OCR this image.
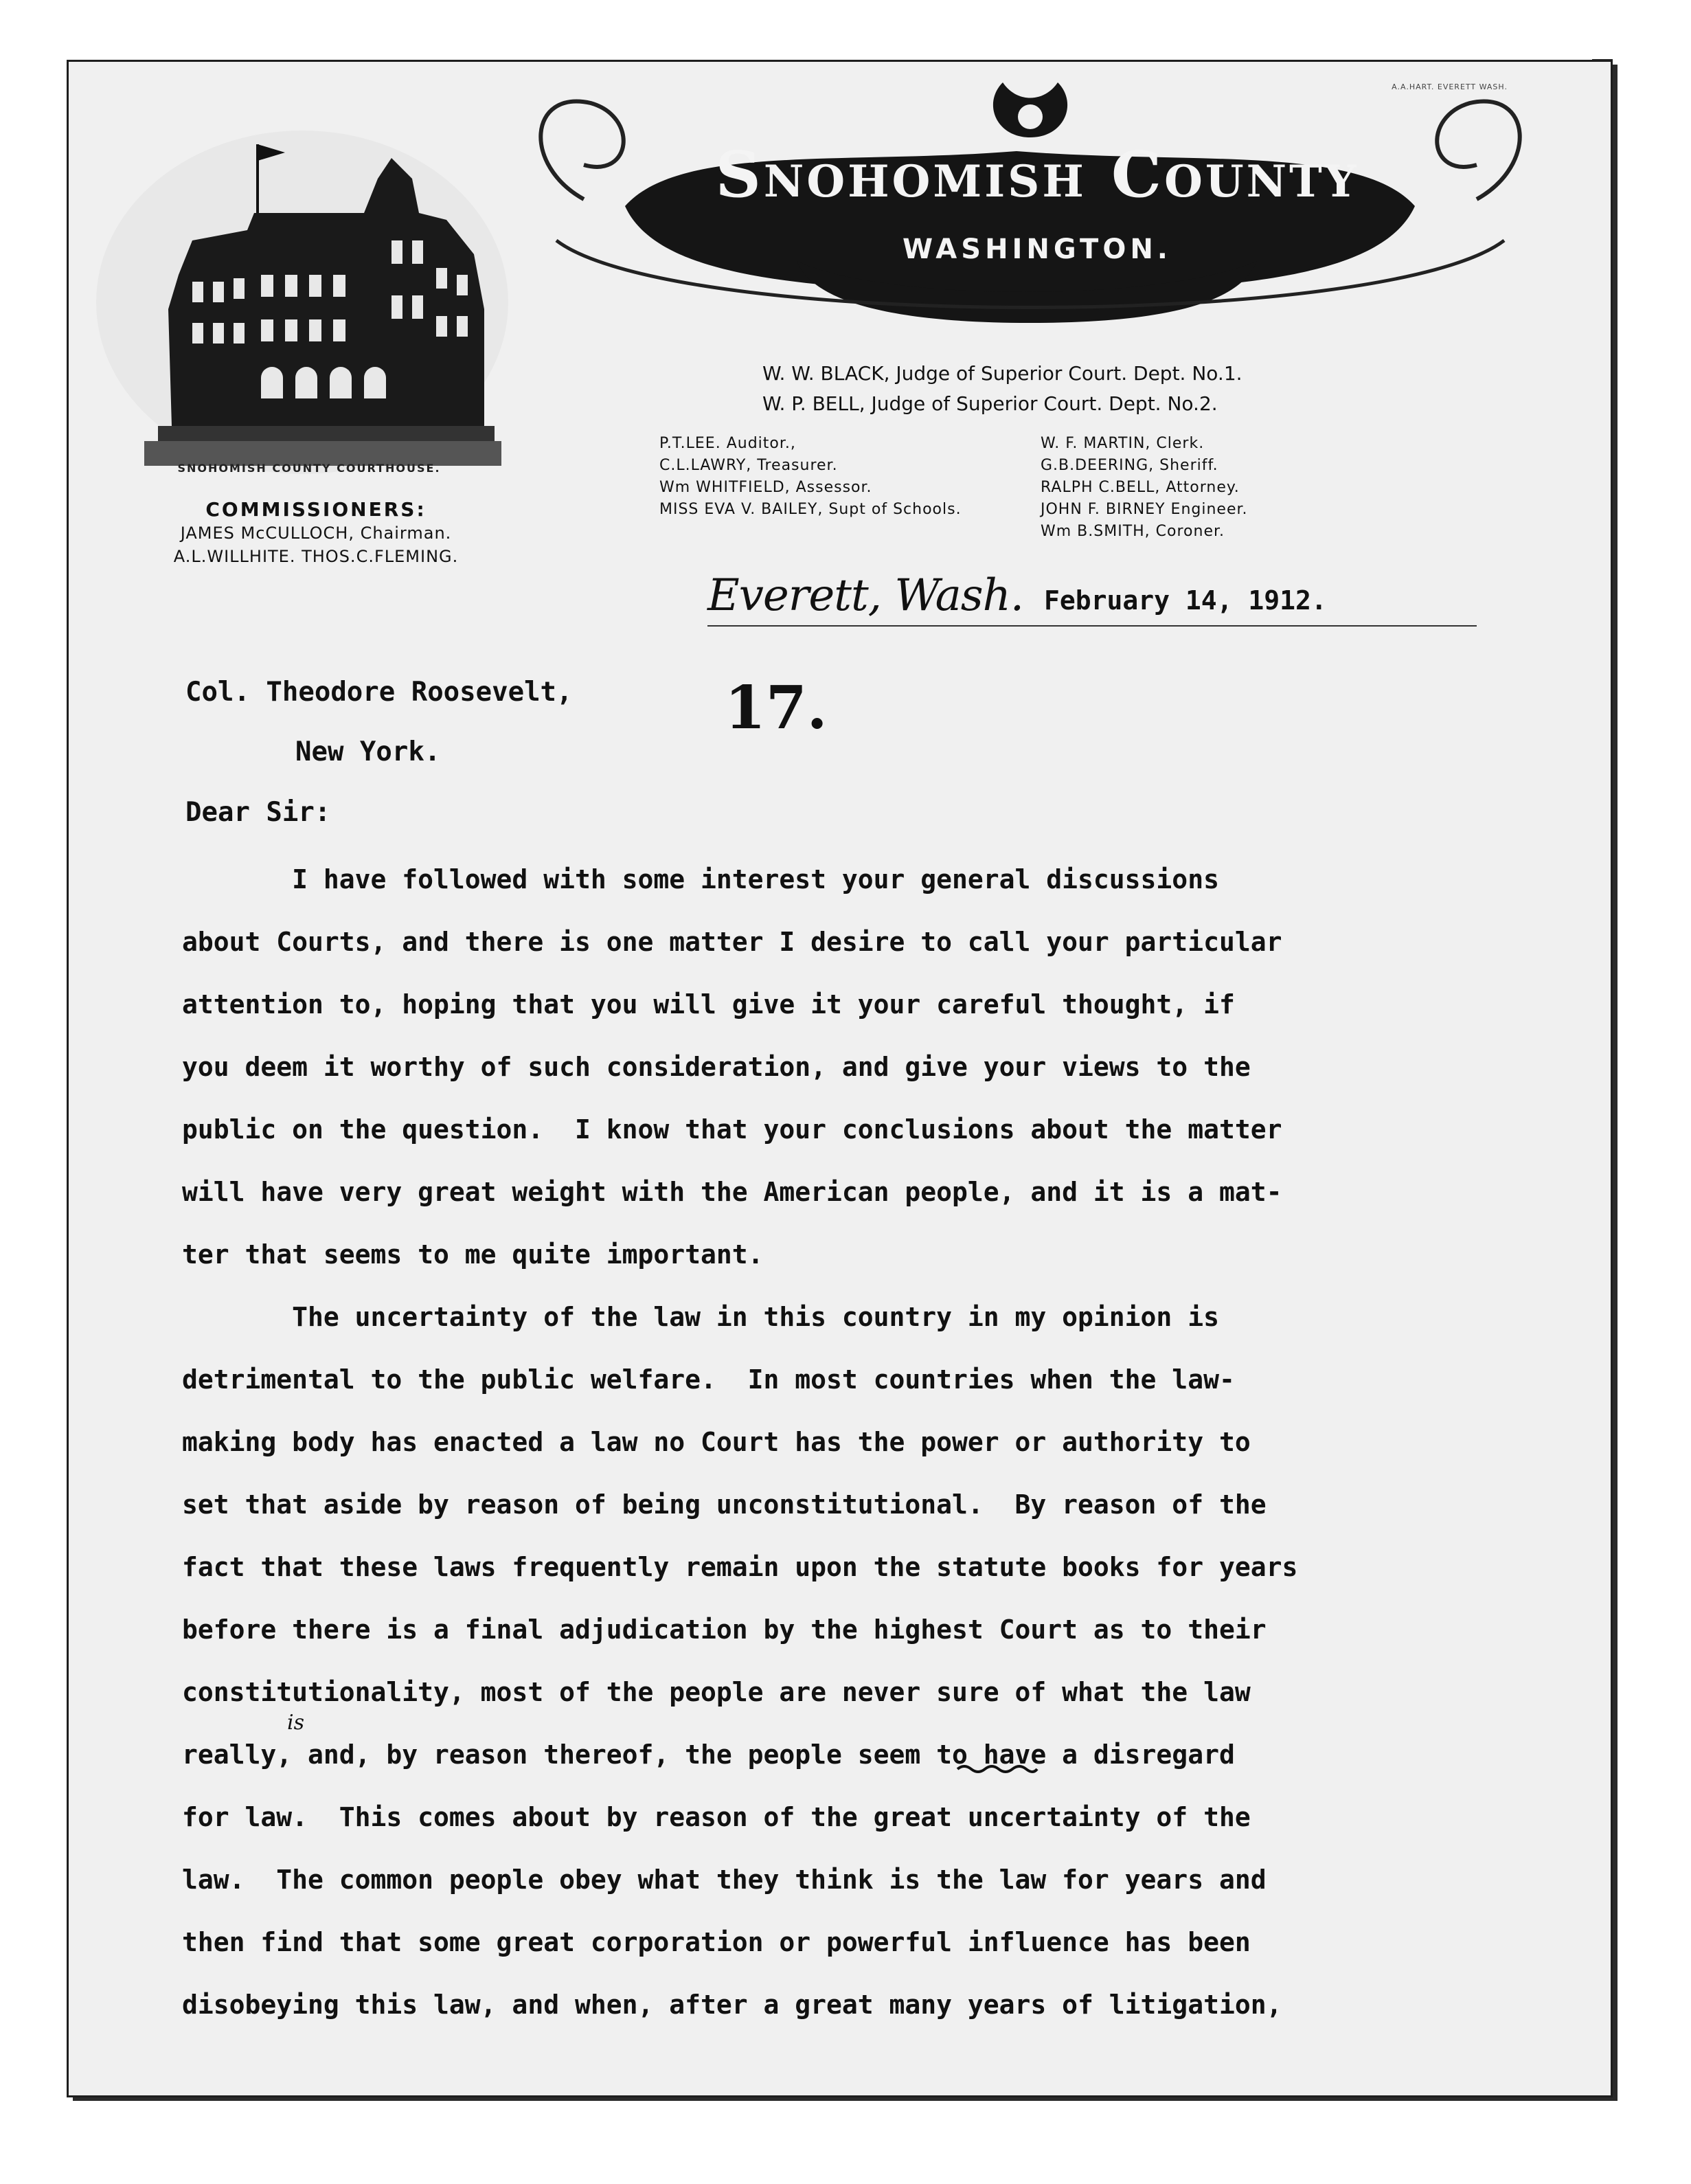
A.A.HART. EVERETT WASH.
SNOHOMISH COUNTY COURTHOUSE.
COMMISSIONERS:
JAMES McCULLOCH, Chairman.
A.L.WILLHITE. THOS.C.FLEMING.
Snohomish County
WASHINGTON.
W. W. BLACK, Judge of Superior Court. Dept. No.1.
W. P. BELL, Judge of Superior Court. Dept. No.2.
P.T.LEE. Auditor.,
C.L.LAWRY, Treasurer.
Wm WHITFIELD, Assessor.
MISS EVA V. BAILEY, Supt of Schools.
W. F. MARTIN, Clerk.
G.B.DEERING, Sheriff.
RALPH C.BELL, Attorney.
JOHN F. BIRNEY Engineer.
Wm B.SMITH, Coroner.
Everett, Wash. February 14, 1912.
Col. Theodore Roosevelt,	17.
New York.
Dear Sir:
I have followed with some interest your general discussions
about Courts, and there is one matter I desire to call your particular
attention to, hoping that you will give it your careful thought, if
you deem it worthy of such consideration, and give your views to the
public on the question.  I know that your conclusions about the matter
will have very great weight with the American people, and it is a mat-
ter that seems to me quite important.
The uncertainty of the law in this country in my opinion is
detrimental to the public welfare.  In most countries when the law-
making body has enacted a law no Court has the power or authority to
set that aside by reason of being unconstitutional.  By reason of the
fact that these laws frequently remain upon the statute books for years
before there is a final adjudication by the highest Court as to their
constitutionality, most of the people are never sure of what the law
really, and, by reason thereof, the people seem to have a disregard
for law.  This comes about by reason of the great uncertainty of the
law.  The common people obey what they think is the law for years and
then find that some great corporation or powerful influence has been
disobeying this law, and when, after a great many years of litigation,
is
